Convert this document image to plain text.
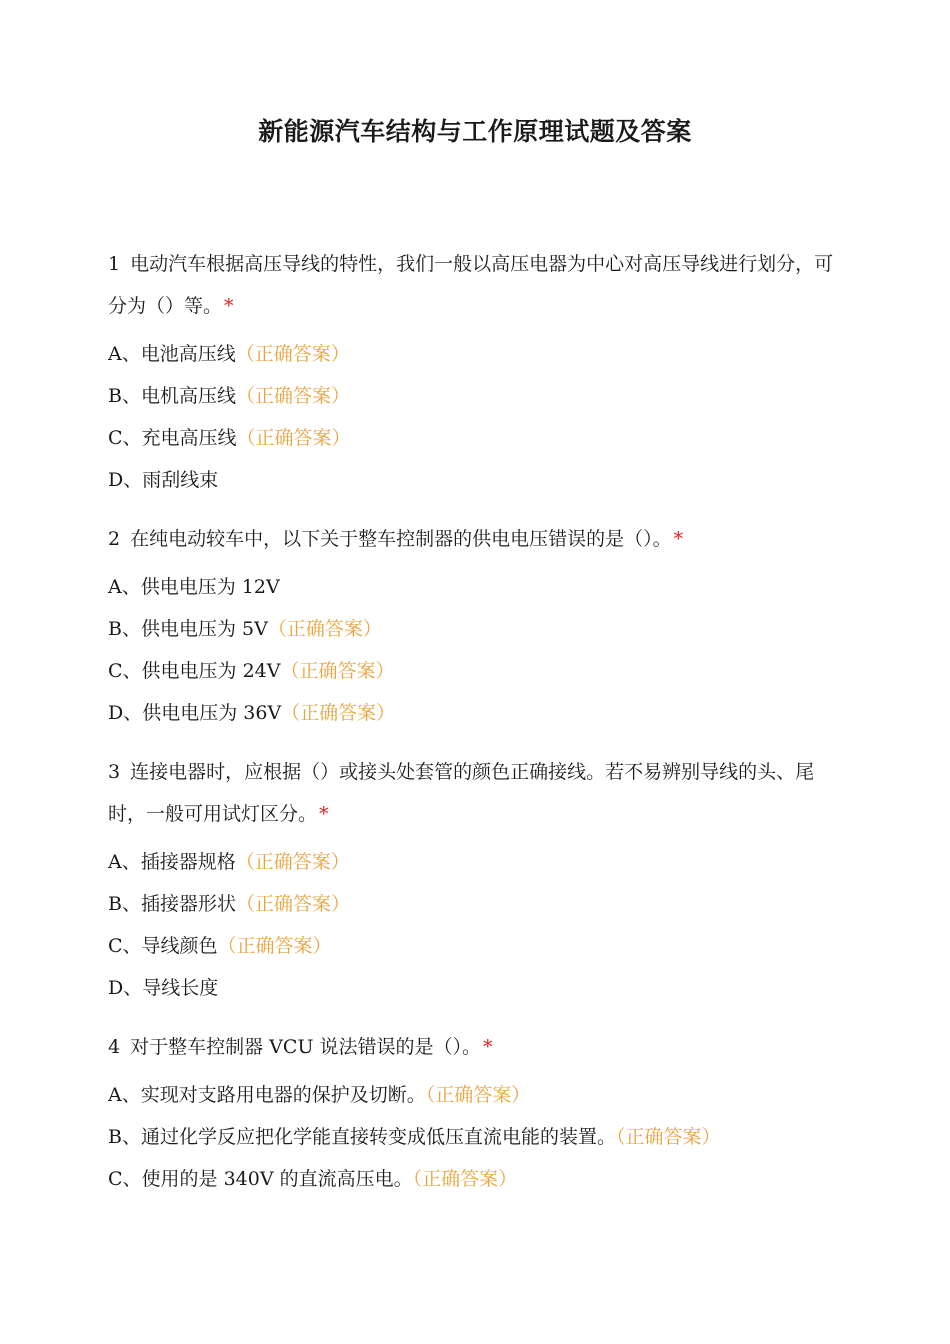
新能源汽车结构与工作原理试题及答案

1 电动汽车根据高压导线的特性，我们一般以高压电器为中心对高压导线进行划分，可分为（）等。 *

A、电池高压线（正确答案）
B、电机高压线（正确答案）
C、充电高压线（正确答案）
D、雨刮线束

2 在纯电动较车中，以下关于整车控制器的供电电压错误的是（）。 *

A、供电电压为 12V
B、供电电压为 5V（正确答案）
C、供电电压为 24V（正确答案）
D、供电电压为 36V（正确答案）

3 连接电器时，应根据（）或接头处套管的颜色正确接线。若不易辨别导线的头、尾时，一般可用试灯区分。 *

A、插接器规格（正确答案）
B、插接器形状（正确答案）
C、导线颜色（正确答案）
D、导线长度

4 对于整车控制器 VCU 说法错误的是（）。 *

A、实现对支路用电器的保护及切断。（正确答案）
B、通过化学反应把化学能直接转变成低压直流电能的装置。（正确答案）
C、使用的是 340V 的直流高压电。（正确答案）
